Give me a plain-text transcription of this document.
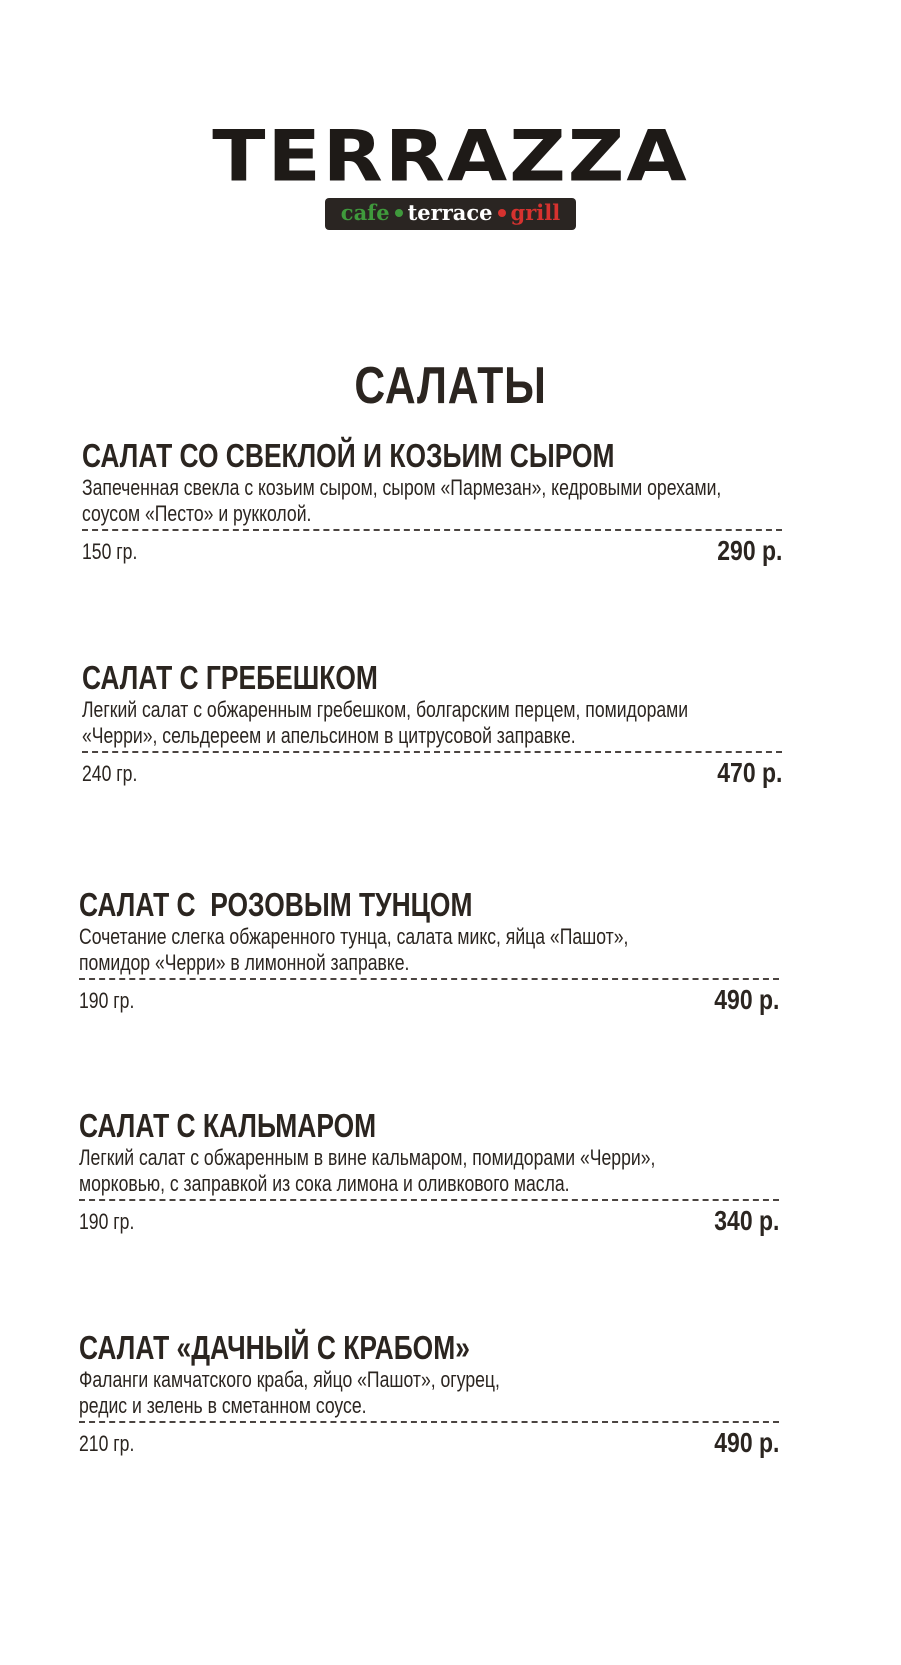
TERRAZZA
cafe terrace grill
САЛАТЫ
САЛАТ СО СВЕКЛОЙ И КОЗЬИМ СЫРОМ
Запеченная свекла с козьим сыром, сыром «Пармезан», кедровыми орехами,
соусом «Песто» и рукколой.
150 гр.	290 р.
САЛАТ С ГРЕБЕШКОМ
Легкий салат с обжаренным гребешком, болгарским перцем, помидорами
«Черри», сельдереем и апельсином в цитрусовой заправке.
240 гр.	470 р.
САЛАТ С  РОЗОВЫМ ТУНЦОМ
Сочетание слегка обжаренного тунца, салата микс, яйца «Пашот»,
помидор «Черри» в лимонной заправке.
190 гр.	490 р.
САЛАТ С КАЛЬМАРОМ
Легкий салат с обжаренным в вине кальмаром, помидорами «Черри»,
морковью, с заправкой из сока лимона и оливкового масла.
190 гр.	340 р.
САЛАТ «ДАЧНЫЙ С КРАБОМ»
Фаланги камчатского краба, яйцо «Пашот», огурец,
редис и зелень в сметанном соусе.
210 гр.	490 р.
